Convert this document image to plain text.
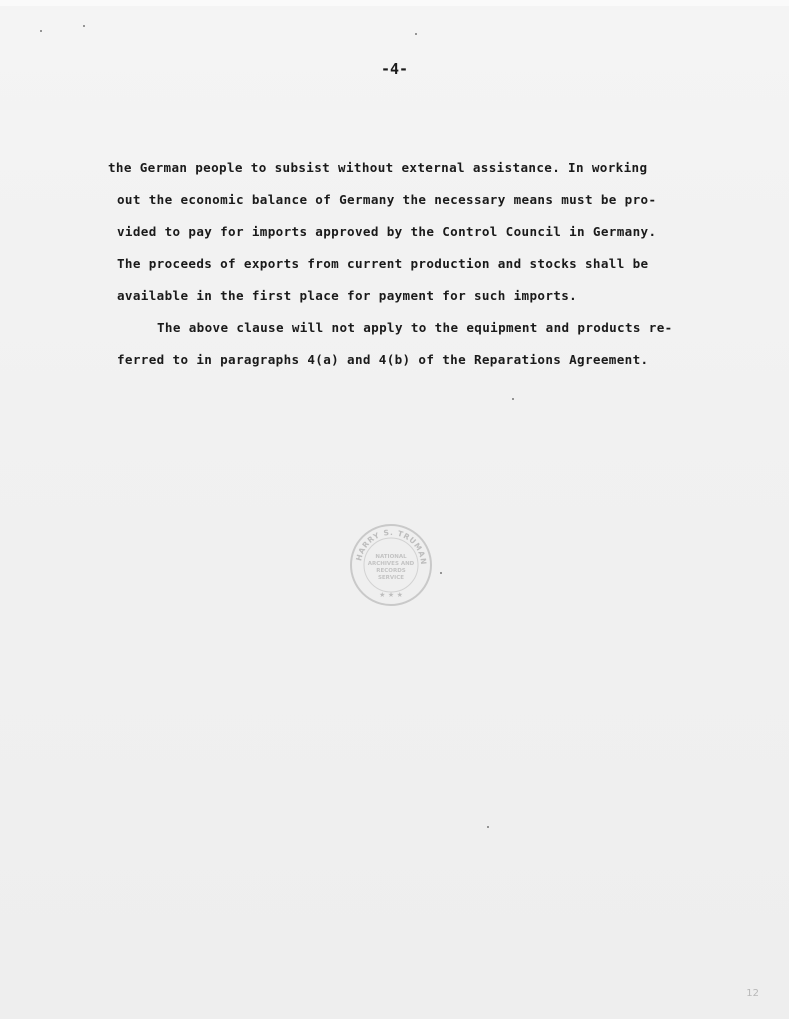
-4-
the German people to subsist without external assistance. In working
out the economic balance of Germany the necessary means must be pro-
vided to pay for imports approved by the Control Council in Germany.
The proceeds of exports from current production and stocks shall be
available in the first place for payment for such imports.
The above clause will not apply to the equipment and products re-
ferred to in paragraphs 4(a) and 4(b) of the Reparations Agreement.
HARRY S. TRUMAN
NATIONAL
ARCHIVES AND
RECORDS
SERVICE
★ ★ ★
12
